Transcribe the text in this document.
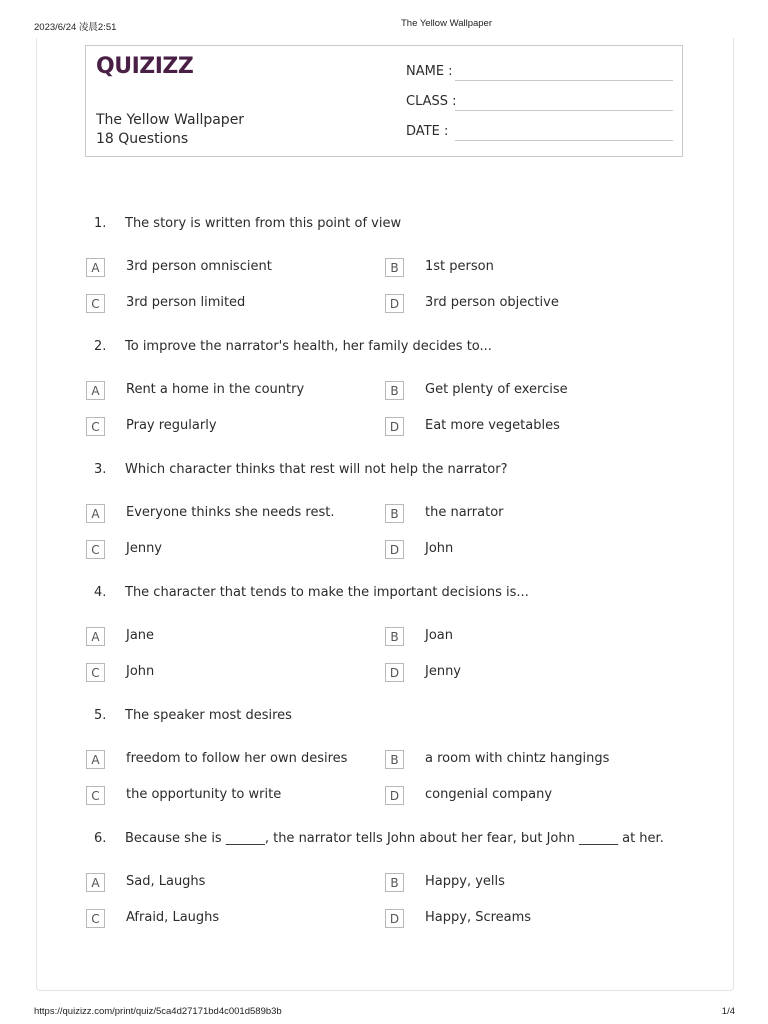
2023/6/24 凌晨2:51	The Yellow Wallpaper
QUIZIZZ
The Yellow Wallpaper
18 Questions
NAME :
CLASS :
DATE :
1. The story is written from this point of view
A	3rd person omniscient	B	1st person
C	3rd person limited	D	3rd person objective
2. To improve the narrator's health, her family decides to...
A	Rent a home in the country	B	Get plenty of exercise
C	Pray regularly	D	Eat more vegetables
3. Which character thinks that rest will not help the narrator?
A	Everyone thinks she needs rest.	B	the narrator
C	Jenny	D	John
4. The character that tends to make the important decisions is...
A	Jane	B	Joan
C	John	D	Jenny
5. The speaker most desires
A	freedom to follow her own desires	B	a room with chintz hangings
C	the opportunity to write	D	congenial company
6. Because she is ______, the narrator tells John about her fear, but John ______ at her.
A	Sad, Laughs	B	Happy, yells
C	Afraid, Laughs	D	Happy, Screams
https://quizizz.com/print/quiz/5ca4d27171bd4c001d589b3b	1/4
